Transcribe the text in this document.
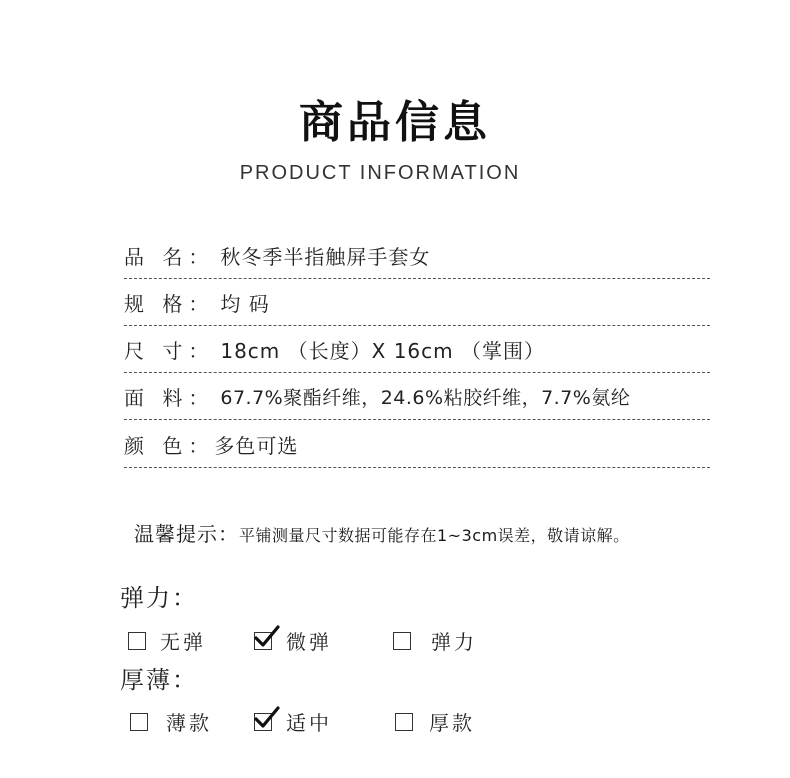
商品信息
PRODUCT INFORMATION
品 名： 秋冬季半指触屏手套女
规 格： 均 码
尺 寸： 18cm （长度）X 16cm （掌围）
面 料： 67.7%聚酯纤维，24.6%粘胶纤维，7.7%氨纶
颜 色： 多色可选
温馨提示： 平铺测量尺寸数据可能存在1~3cm误差，敬请谅解。
弹力：
无弹	微弹	弹力
厚薄：
薄款	适中	厚款
